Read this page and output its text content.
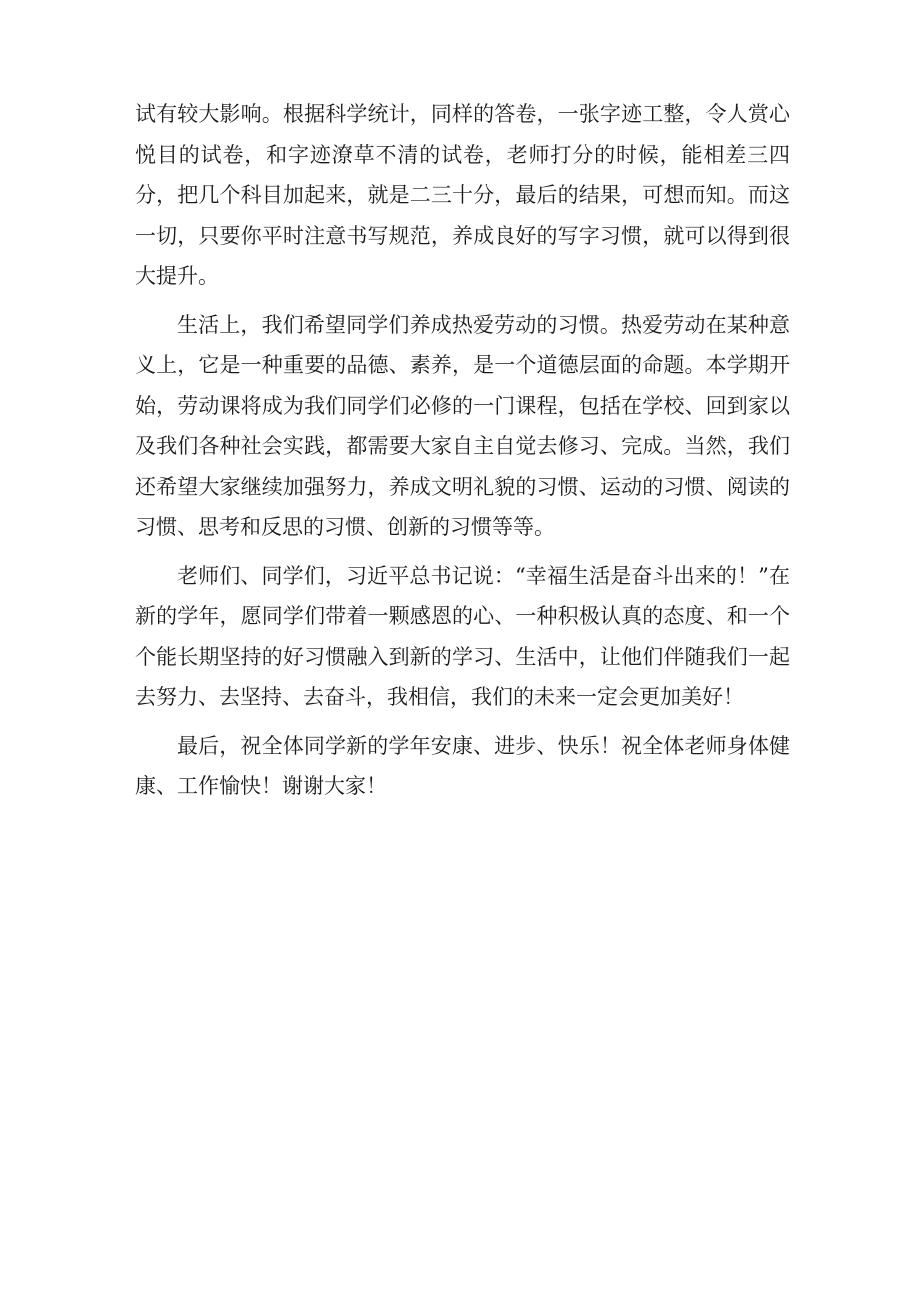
试有较大影响。根据科学统计，同样的答卷，一张字迹工整，令人赏心悦目的试卷，和字迹潦草不清的试卷，老师打分的时候，能相差三四分，把几个科目加起来，就是二三十分，最后的结果，可想而知。而这一切，只要你平时注意书写规范，养成良好的写字习惯，就可以得到很大提升。

生活上，我们希望同学们养成热爱劳动的习惯。热爱劳动在某种意义上，它是一种重要的品德、素养，是一个道德层面的命题。本学期开始，劳动课将成为我们同学们必修的一门课程，包括在学校、回到家以及我们各种社会实践，都需要大家自主自觉去修习、完成。当然，我们还希望大家继续加强努力，养成文明礼貌的习惯、运动的习惯、阅读的习惯、思考和反思的习惯、创新的习惯等等。

老师们、同学们，习近平总书记说：“幸福生活是奋斗出来的！”在新的学年，愿同学们带着一颗感恩的心、一种积极认真的态度、和一个个能长期坚持的好习惯融入到新的学习、生活中，让他们伴随我们一起去努力、去坚持、去奋斗，我相信，我们的未来一定会更加美好！

最后，祝全体同学新的学年安康、进步、快乐！祝全体老师身体健康、工作愉快！谢谢大家！
